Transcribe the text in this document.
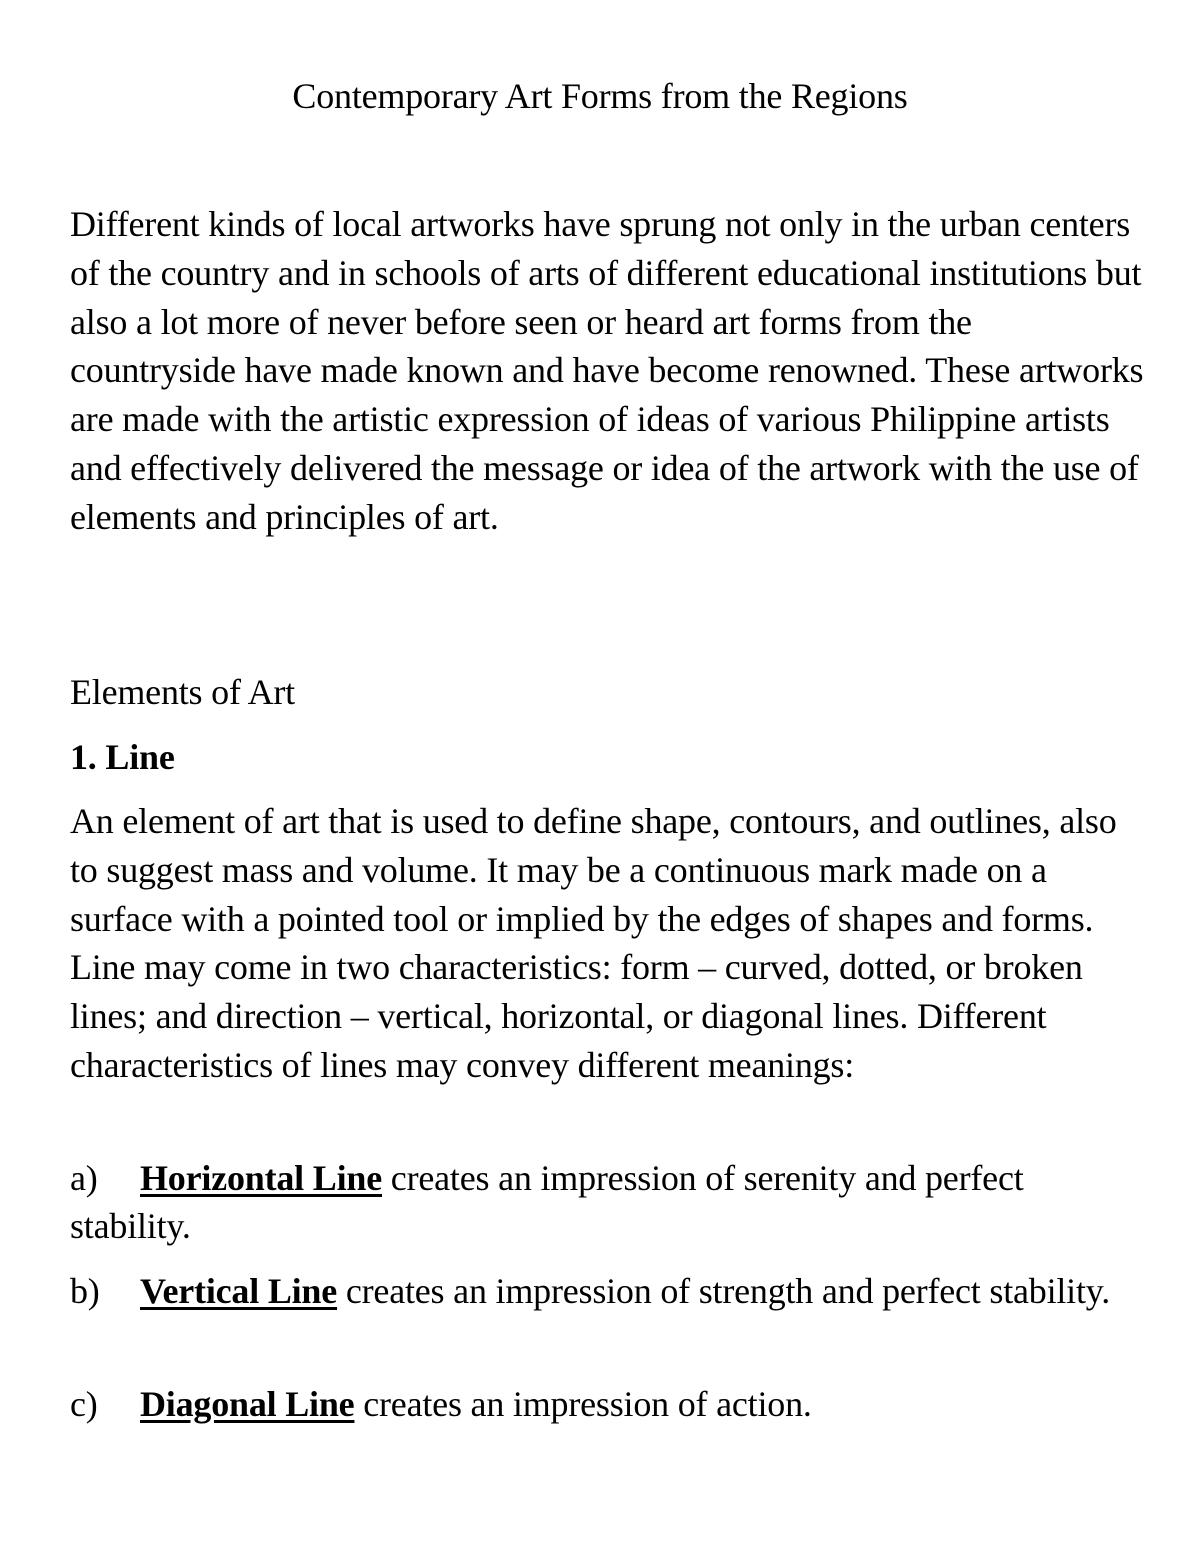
Contemporary Art Forms from the Regions

Different kinds of local artworks have sprung not only in the urban centers of the country and in schools of arts of different educational institutions but also a lot more of never before seen or heard art forms from the countryside have made known and have become renowned. These artworks are made with the artistic expression of ideas of various Philippine artists and effectively delivered the message or idea of the artwork with the use of elements and principles of art.

Elements of Art
1. Line

An element of art that is used to define shape, contours, and outlines, also to suggest mass and volume. It may be a continuous mark made on a surface with a pointed tool or implied by the edges of shapes and forms. Line may come in two characteristics: form – curved, dotted, or broken lines; and direction – vertical, horizontal, or diagonal lines. Different characteristics of lines may convey different meanings:

a) Horizontal Line creates an impression of serenity and perfect stability.

b) Vertical Line creates an impression of strength and perfect stability.

c) Diagonal Line creates an impression of action.
